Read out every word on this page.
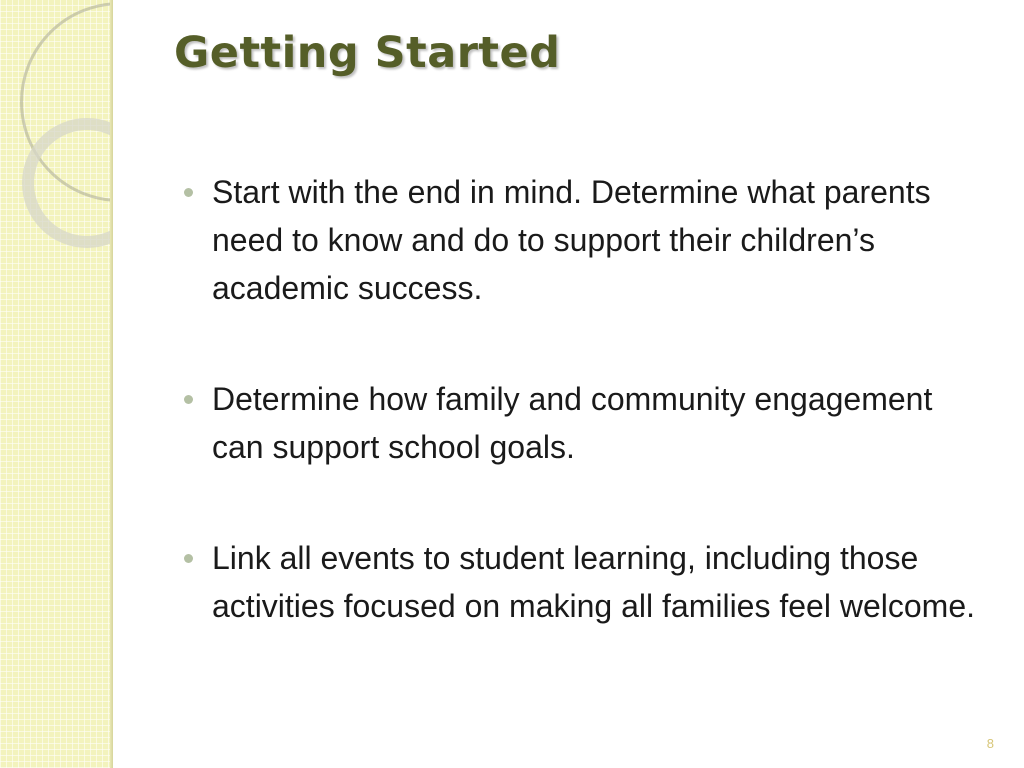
Getting Started
Start with the end in mind. Determine what parents need to know and do to support their children’s academic success.
Determine how family and community engagement can support school goals.
Link all events to student learning, including those activities focused on making all families feel welcome.
8
